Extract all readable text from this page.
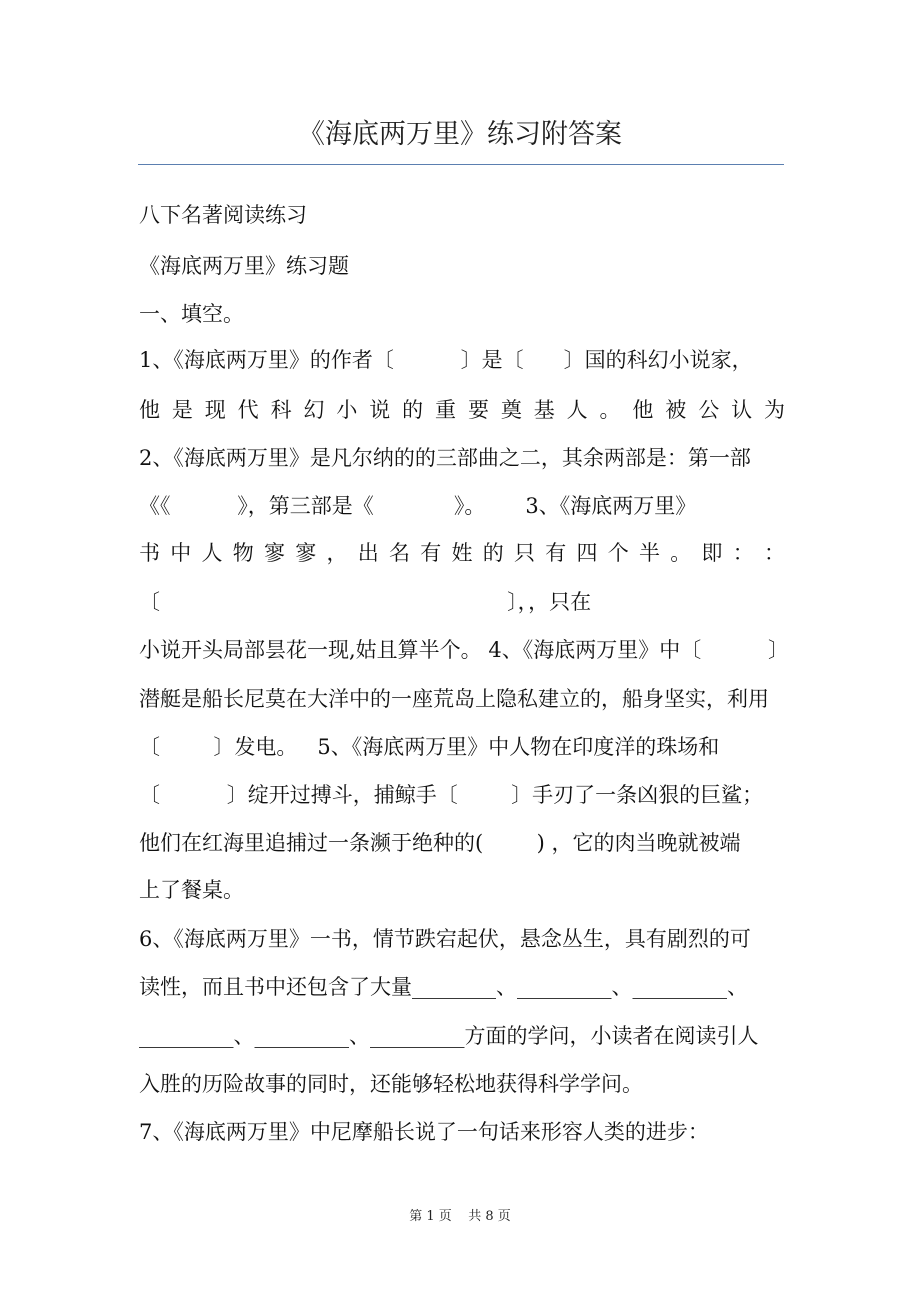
《海底两万里》练习附答案
八下名著阅读练习
《海底两万里》练习题
一、填空。
1、《海底两万里》的作者〔          〕是〔      〕国的科幻小说家，
他 是 现 代 科 幻 小 说 的 重 要 奠 基 人 。 他 被 公 认 为
2、《海底两万里》是凡尔纳的的三部曲之二，其余两部是：第一部
《《          》，第三部是《            》。      3、《海底两万里》
书 中 人 物 寥 寥 ， 出 名 有 姓 的 只 有 四 个 半 。 即 ： ：
〔                                                    〕，，只在
小说开头局部昙花一现,姑且算半个。 4、《海底两万里》中〔          〕
潜艇是船长尼莫在大洋中的一座荒岛上隐私建立的，船身坚实，利用
〔        〕发电。   5、《海底两万里》中人物在印度洋的珠场和
〔          〕绽开过搏斗，捕鲸手〔        〕手刃了一条凶狠的巨鲨；
他们在红海里追捕过一条濒于绝种的(        ) ，它的肉当晚就被端
上了餐桌。
6、《海底两万里》一书，情节跌宕起伏，悬念丛生，具有剧烈的可
读性，而且书中还包含了大量________、_________、_________、
_________、_________、_________方面的学问，小读者在阅读引人
入胜的历险故事的同时，还能够轻松地获得科学学问。
7、《海底两万里》中尼摩船长说了一句话来形容人类的进步：
第 1 页    共 8 页
